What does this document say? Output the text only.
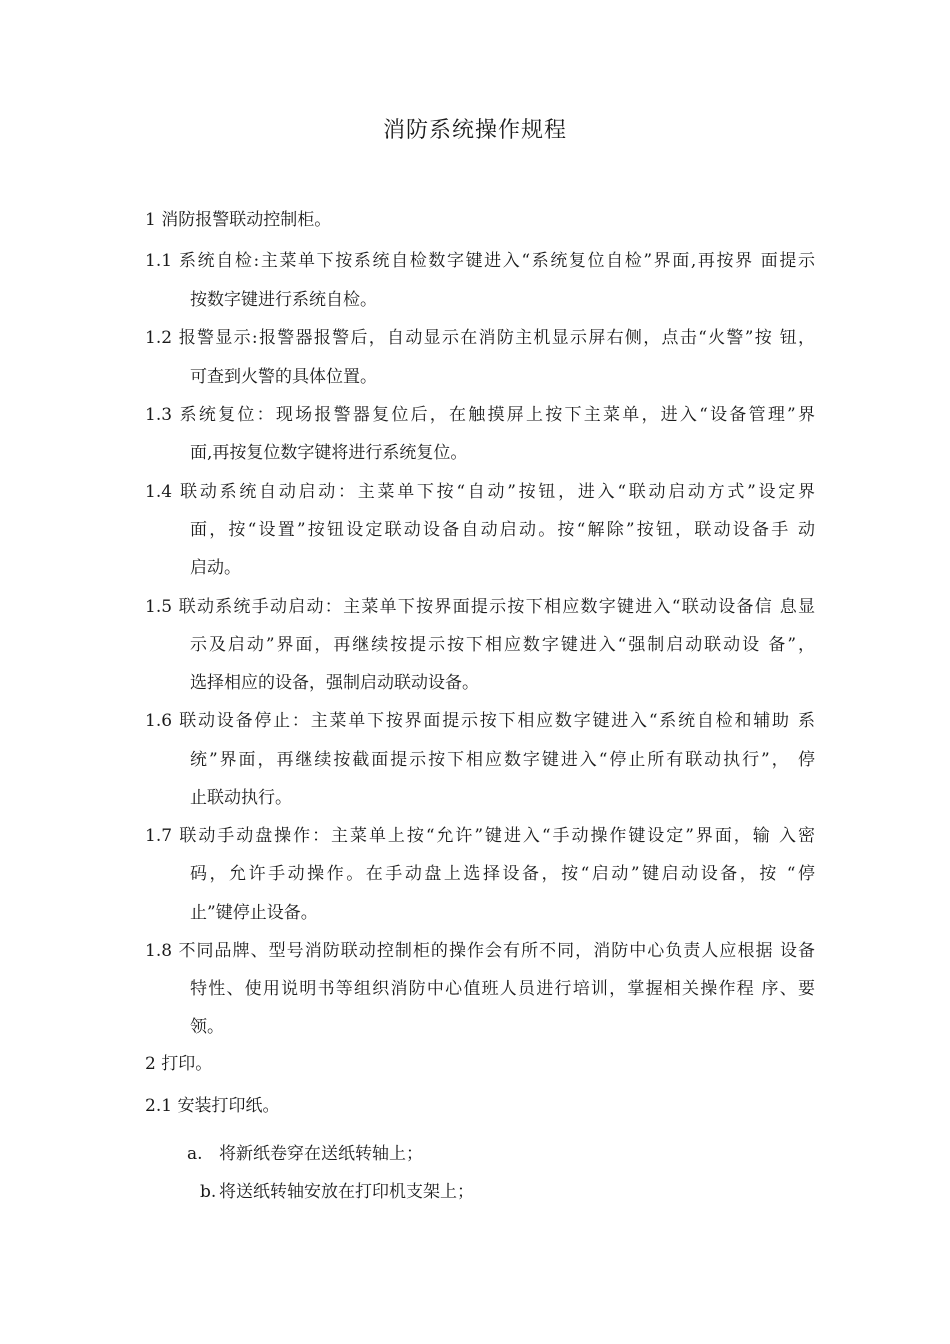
消防系统操作规程
1 消防报警联动控制柜。
1.1 系统自检:主菜单下按系统自检数字键进入“系统复位自检”界面,再按界 面提示
按数字键进行系统自检。
1.2 报警显示:报警器报警后，自动显示在消防主机显示屏右侧，点击“火警”按 钮，
可查到火警的具体位置。
1.3 系统复位：现场报警器复位后，在触摸屏上按下主菜单，进入“设备管理”界
面,再按复位数字键将进行系统复位。
1.4 联动系统自动启动：主菜单下按“自动”按钮，进入“联动启动方式”设定界
面，按“设置”按钮设定联动设备自动启动。按“解除”按钮，联动设备手 动
启动。
1.5 联动系统手动启动：主菜单下按界面提示按下相应数字键进入“联动设备信 息显
示及启动”界面，再继续按提示按下相应数字键进入“强制启动联动设 备”，
选择相应的设备，强制启动联动设备。
1.6 联动设备停止：主菜单下按界面提示按下相应数字键进入“系统自检和辅助 系
统”界面，再继续按截面提示按下相应数字键进入“停止所有联动执行”， 停
止联动执行。
1.7 联动手动盘操作：主菜单上按“允许”键进入“手动操作键设定”界面，输 入密
码，允许手动操作。在手动盘上选择设备，按“启动”键启动设备，按 “停
止”键停止设备。
1.8 不同品牌、型号消防联动控制柜的操作会有所不同，消防中心负责人应根据 设备
特性、使用说明书等组织消防中心值班人员进行培训，掌握相关操作程 序、要
领。
2 打印。
2.1 安装打印纸。
a. 将新纸卷穿在送纸转轴上；
b. 将送纸转轴安放在打印机支架上；
